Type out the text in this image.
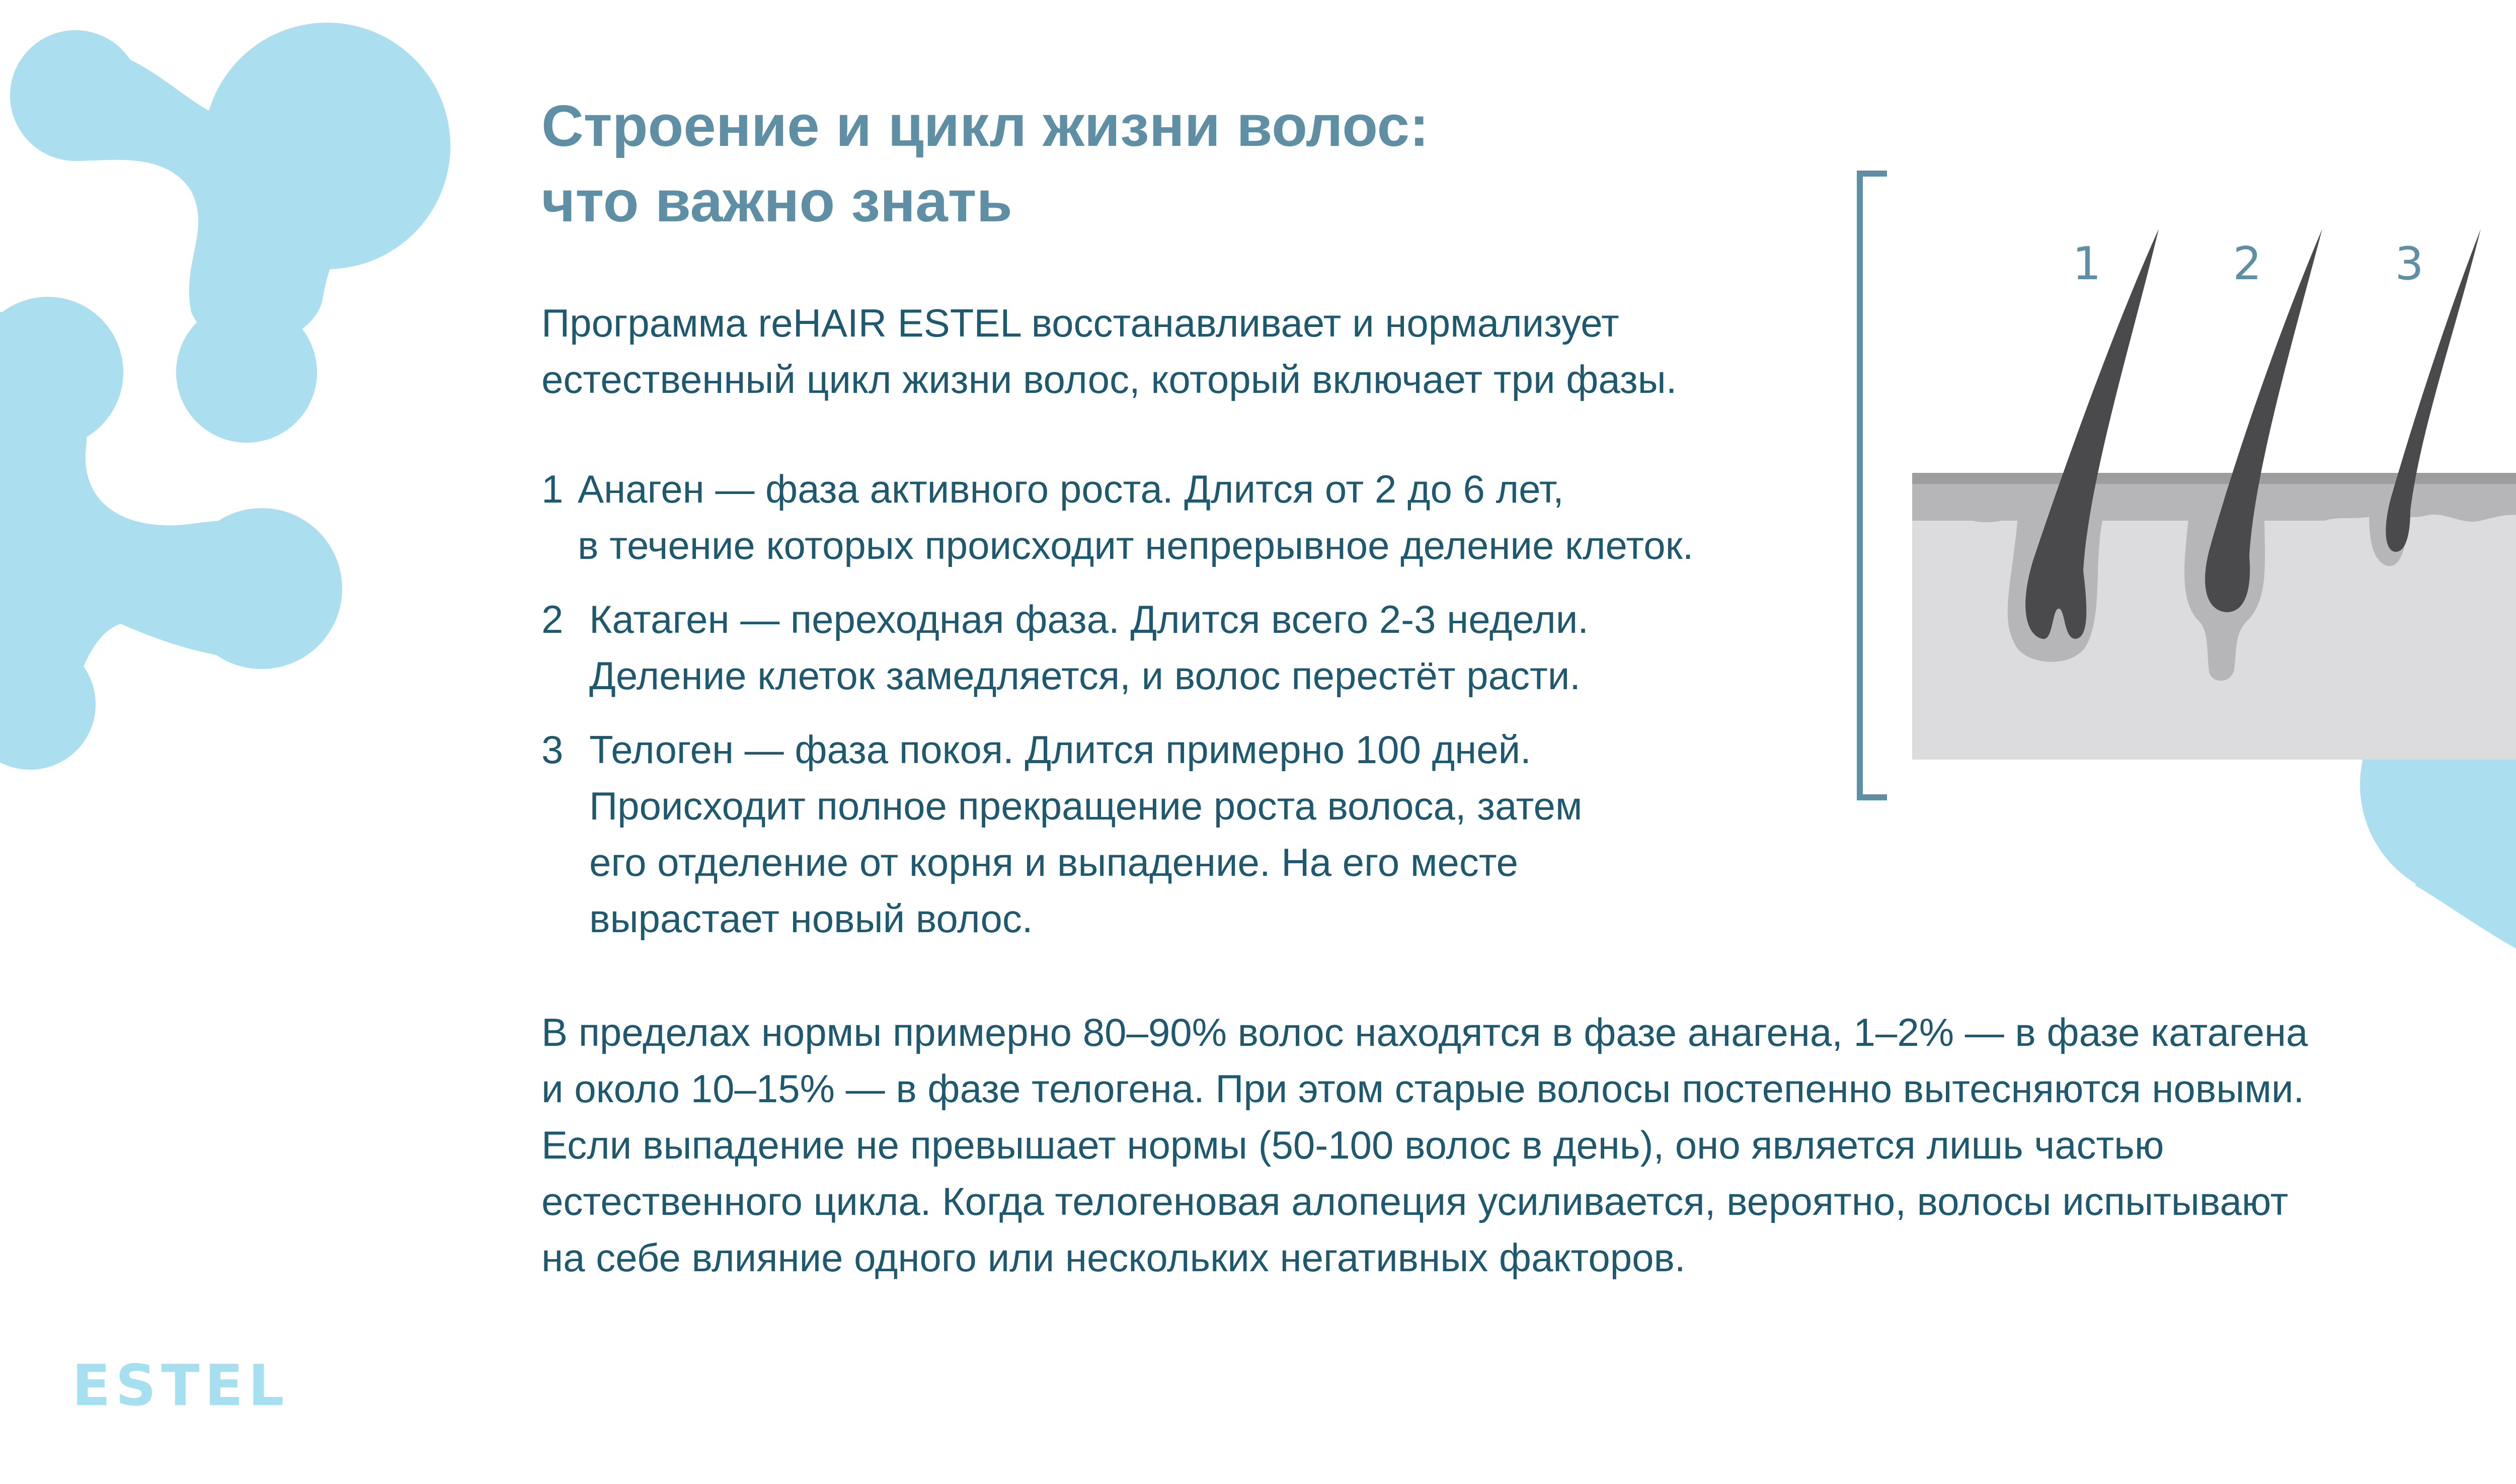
Строение и цикл жизни волос:
что важно знать
Программа reHAIR ESTEL восстанавливает и нормализует
естественный цикл жизни волос, который включает три фазы.
1 Анаген — фаза активного роста. Длится от 2 до 6 лет,
в течение которых происходит непрерывное деление клеток.
2 Катаген — переходная фаза. Длится всего 2-3 недели.
Деление клеток замедляется, и волос перестёт расти.
3 Телоген — фаза покоя. Длится примерно 100 дней.
Происходит полное прекращение роста волоса, затем
его отделение от корня и выпадение. На его месте
вырастает новый волос.
В пределах нормы примерно 80–90% волос находятся в фазе анагена, 1–2% — в фазе катагена
и около 10–15% — в фазе телогена. При этом старые волосы постепенно вытесняются новыми.
Если выпадение не превышает нормы (50-100 волос в день), оно является лишь частью
естественного цикла. Когда телогеновая алопеция усиливается, вероятно, волосы испытывают
на себе влияние одного или нескольких негативных факторов.
1	2	3
ESTEL
